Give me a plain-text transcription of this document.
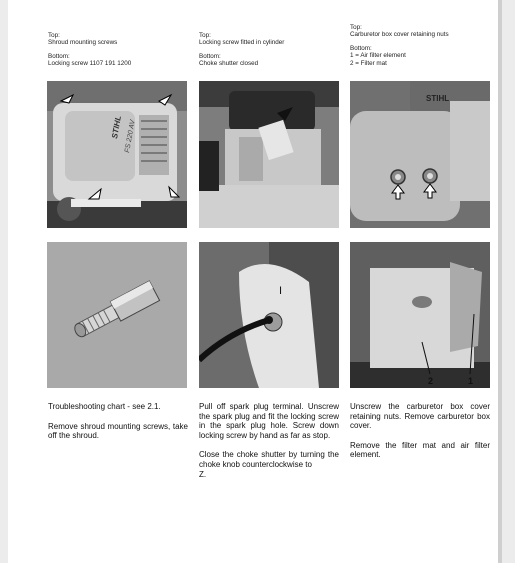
Top:
Shroud mounting screws
Bottom:
Locking screw 1107 191 1200
Top:
Locking screw fitted in cylinder
Bottom:
Choke shutter closed
Top:
Carburetor box cover retaining nuts
Bottom:
1 = Air filter element
2 = Filter mat
STIHL FS 220 AV
STIHL
I
2	1

Troubleshooting chart - see 2.1.

Remove shroud mounting screws, take off the shroud.

Pull off spark plug terminal. Unscrew the spark plug and fit the locking screw in the spark plug hole. Screw down locking screw by hand as far as stop.

Close the choke shutter by turning the choke knob counterclockwise to

Z.

Unscrew the carburetor box cover retaining nuts. Remove carburetor box cover.

Remove the filter mat and air filter element.
